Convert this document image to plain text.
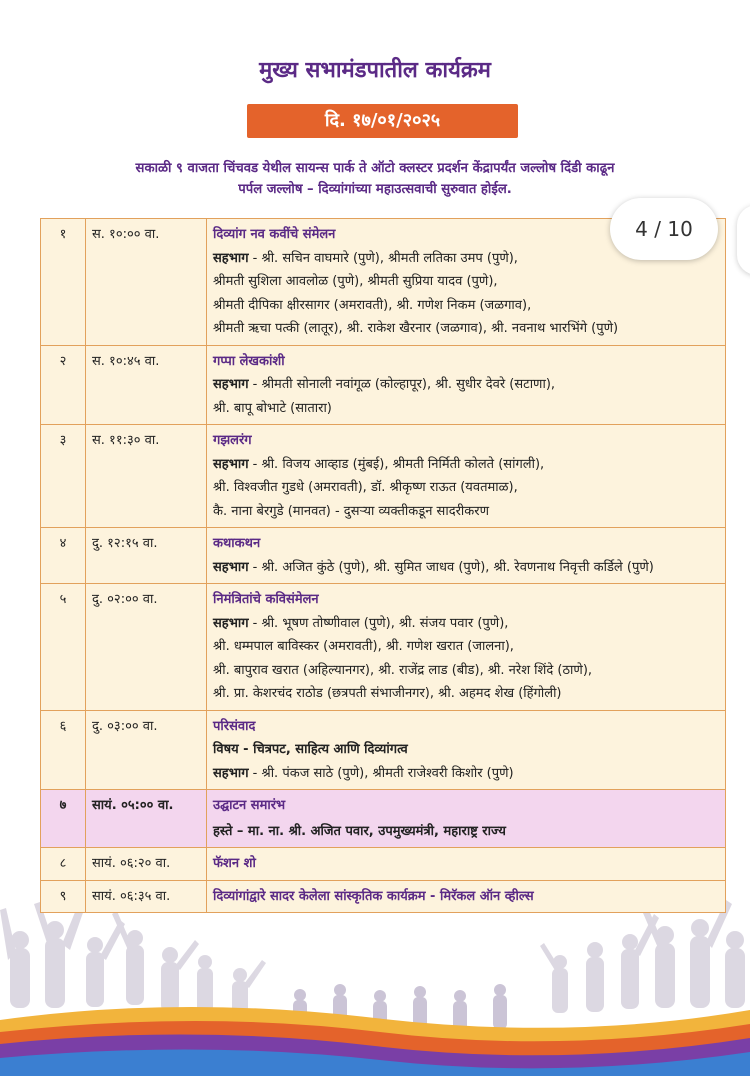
मुख्य सभामंडपातील कार्यक्रम
दि. १७/०१/२०२५
सकाळी ९ वाजता चिंचवड येथील सायन्स पार्क ते ऑटो क्लस्टर प्रदर्शन केंद्रापर्यंत जल्लोष दिंडी काढून
पर्पल जल्लोष – दिव्यांगांच्या महाउत्सवाची सुरुवात होईल.
4 / 10
१	स. १०:०० वा.	दिव्यांग नव कवींचे संमेलन
सहभाग - श्री. सचिन वाघमारे (पुणे), श्रीमती लतिका उमप (पुणे),
श्रीमती सुशिला आवलोळ (पुणे), श्रीमती सुप्रिया यादव (पुणे),
श्रीमती दीपिका क्षीरसागर (अमरावती), श्री. गणेश निकम (जळगाव),
श्रीमती ऋचा पत्की (लातूर), श्री. राकेश खैरनार (जळगाव), श्री. नवनाथ भारभिंगे (पुणे)

२	स. १०:४५ वा.	गप्पा लेखकांशी
सहभाग - श्रीमती सोनाली नवांगूळ (कोल्हापूर), श्री. सुधीर देवरे (सटाणा),
श्री. बापू बोभाटे (सातारा)

३	स. ११:३० वा.	गझलरंग
सहभाग - श्री. विजय आव्हाड (मुंबई), श्रीमती निर्मिती कोलते (सांगली),
श्री. विश्वजीत गुडधे (अमरावती), डॉ. श्रीकृष्ण राऊत (यवतमाळ),
कै. नाना बेरगुडे (मानवत) - दुसऱ्या व्यक्तीकडून सादरीकरण

४	दु. १२:१५ वा.	कथाकथन
सहभाग - श्री. अजित कुंठे (पुणे), श्री. सुमित जाधव (पुणे), श्री. रेवणनाथ निवृत्ती कर्डिले (पुणे)

५	दु. ०२:०० वा.	निमंत्रितांचे कविसंमेलन
सहभाग - श्री. भूषण तोष्णीवाल (पुणे), श्री. संजय पवार (पुणे),
श्री. धम्मपाल बाविस्कर (अमरावती), श्री. गणेश खरात (जालना),
श्री. बापुराव खरात (अहिल्यानगर), श्री. राजेंद्र लाड (बीड), श्री. नरेश शिंदे (ठाणे),
श्री. प्रा. केशरचंद राठोड (छत्रपती संभाजीनगर), श्री. अहमद शेख (हिंगोली)

६	दु. ०३:०० वा.	परिसंवाद
विषय - चित्रपट, साहित्य आणि दिव्यांगत्व
सहभाग - श्री. पंकज साठे (पुणे), श्रीमती राजेश्वरी किशोर (पुणे)

७	सायं. ०५:०० वा.	उद्घाटन समारंभ
हस्ते – मा. ना. श्री. अजित पवार, उपमुख्यमंत्री, महाराष्ट्र राज्य

८	सायं. ०६:२० वा.	फॅशन शो

९	सायं. ०६:३५ वा.	दिव्यांगांद्वारे सादर केलेला सांस्कृतिक कार्यक्रम - मिरॅकल ऑन व्हील्स
